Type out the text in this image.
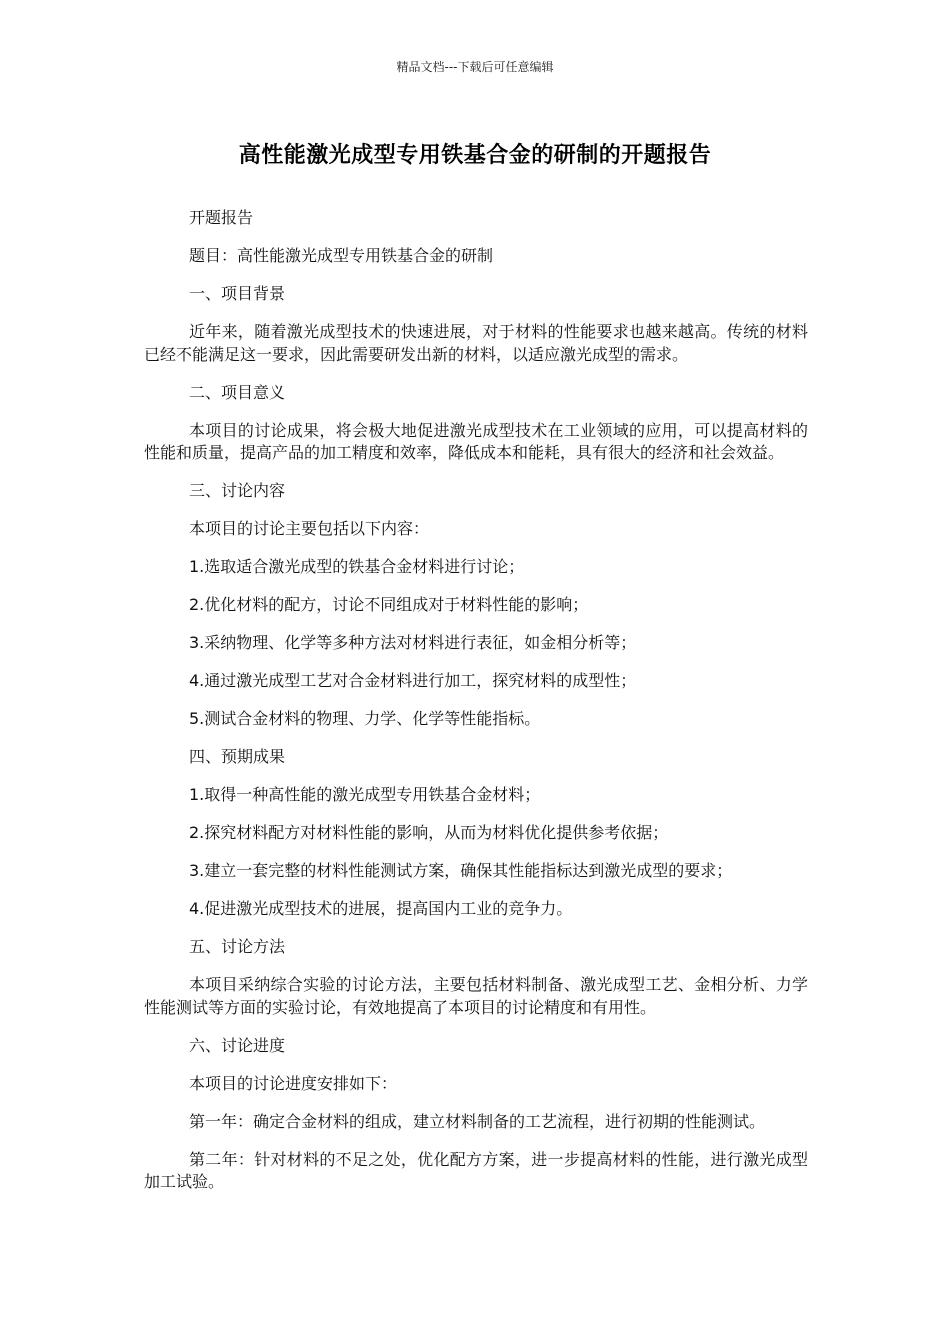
精品文档---下载后可任意编辑
高性能激光成型专用铁基合金的研制的开题报告

开题报告

题目：高性能激光成型专用铁基合金的研制

一、项目背景

近年来，随着激光成型技术的快速进展，对于材料的性能要求也越来越高。传统的材料已经不能满足这一要求，因此需要研发出新的材料，以适应激光成型的需求。

二、项目意义

本项目的讨论成果，将会极大地促进激光成型技术在工业领域的应用，可以提高材料的性能和质量，提高产品的加工精度和效率，降低成本和能耗，具有很大的经济和社会效益。

三、讨论内容

本项目的讨论主要包括以下内容：

1.选取适合激光成型的铁基合金材料进行讨论；

2.优化材料的配方，讨论不同组成对于材料性能的影响；

3.采纳物理、化学等多种方法对材料进行表征，如金相分析等；

4.通过激光成型工艺对合金材料进行加工，探究材料的成型性；

5.测试合金材料的物理、力学、化学等性能指标。

四、预期成果

1.取得一种高性能的激光成型专用铁基合金材料；

2.探究材料配方对材料性能的影响，从而为材料优化提供参考依据；

3.建立一套完整的材料性能测试方案，确保其性能指标达到激光成型的要求；

4.促进激光成型技术的进展，提高国内工业的竞争力。

五、讨论方法

本项目采纳综合实验的讨论方法，主要包括材料制备、激光成型工艺、金相分析、力学性能测试等方面的实验讨论，有效地提高了本项目的讨论精度和有用性。

六、讨论进度

本项目的讨论进度安排如下：

第一年：确定合金材料的组成，建立材料制备的工艺流程，进行初期的性能测试。

第二年：针对材料的不足之处，优化配方方案，进一步提高材料的性能，进行激光成型加工试验。
